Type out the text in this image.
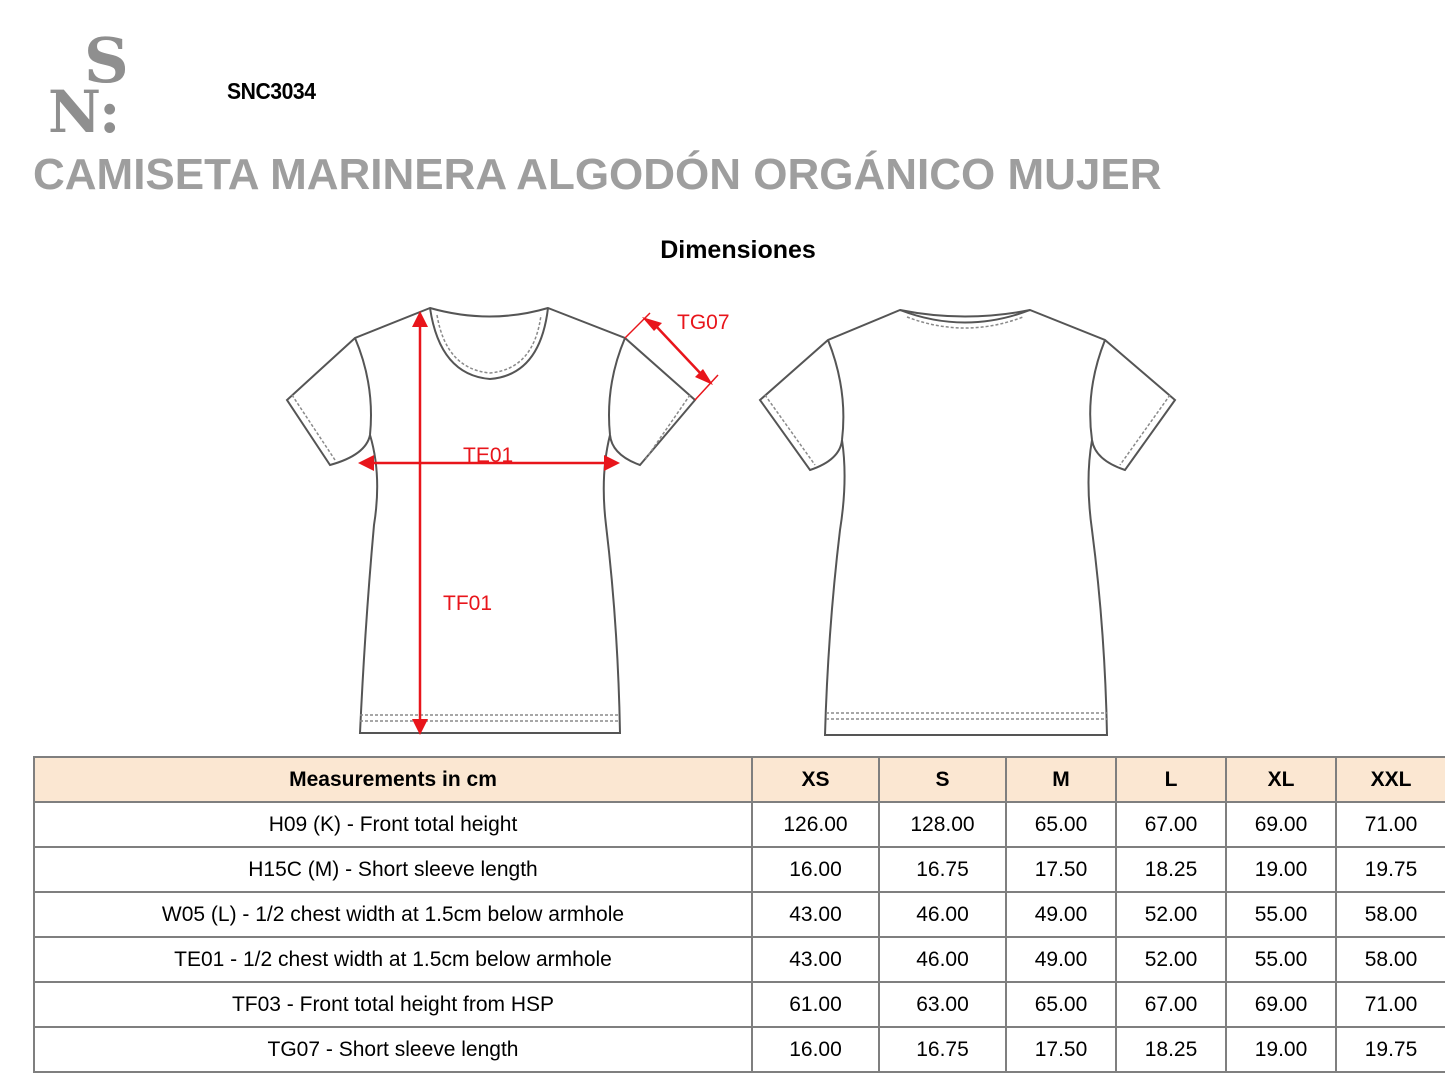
S
N:	SNC3034
CAMISETA MARINERA ALGODÓN ORGÁNICO MUJER
Dimensiones
TE01
TF01
TG07
Measurements in cm	XS	S	M	L	XL	XXL
H09 (K) - Front total height	126.00	128.00	65.00	67.00	69.00	71.00
H15C (M) - Short sleeve length	16.00	16.75	17.50	18.25	19.00	19.75
W05 (L) - 1/2 chest width at 1.5cm below armhole	43.00	46.00	49.00	52.00	55.00	58.00
TE01 - 1/2 chest width at 1.5cm below armhole	43.00	46.00	49.00	52.00	55.00	58.00
TF03 - Front total height from HSP	61.00	63.00	65.00	67.00	69.00	71.00
TG07 - Short sleeve length	16.00	16.75	17.50	18.25	19.00	19.75
